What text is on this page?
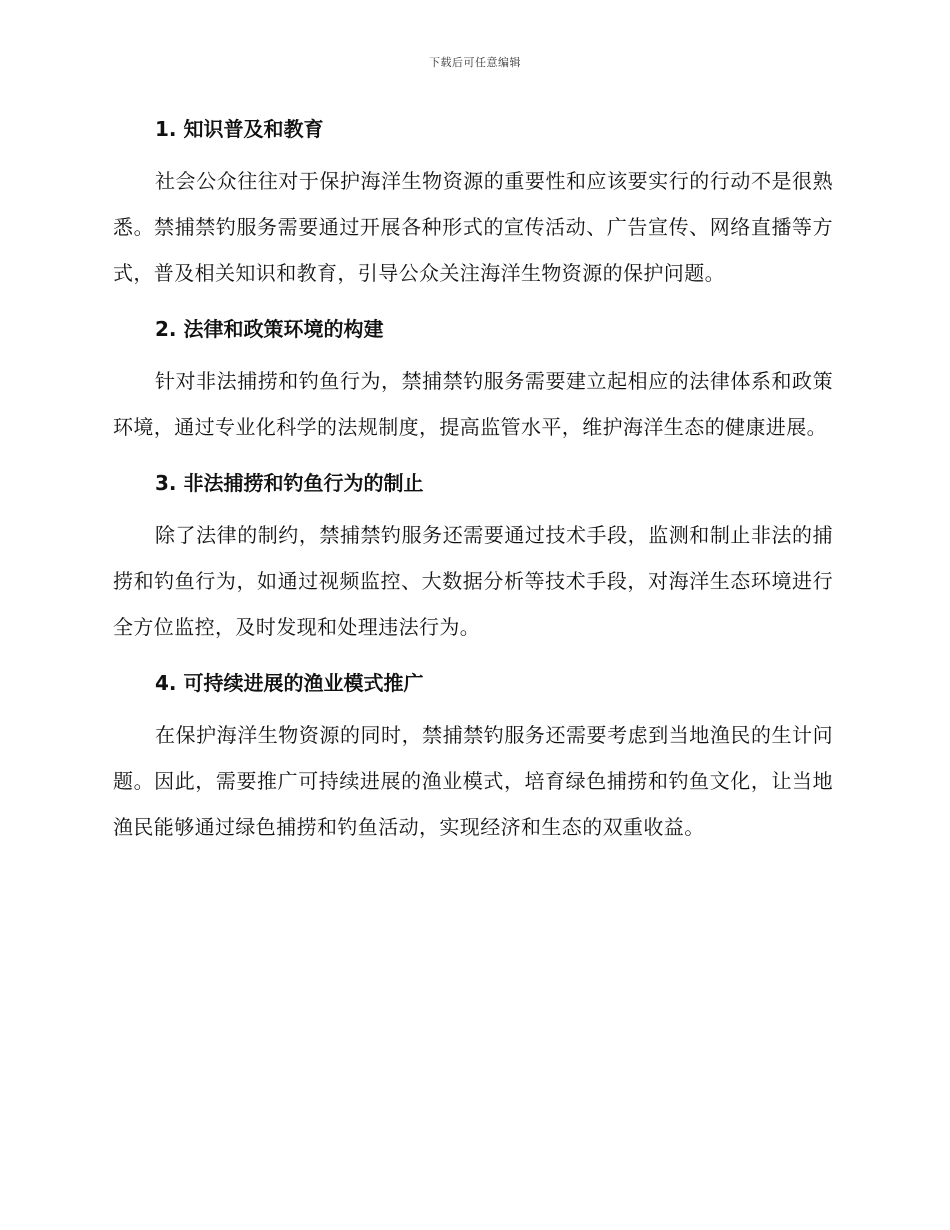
下载后可任意编辑
1. 知识普及和教育

社会公众往往对于保护海洋生物资源的重要性和应该要实行的行动不是很熟悉。禁捕禁钓服务需要通过开展各种形式的宣传活动、广告宣传、网络直播等方式，普及相关知识和教育，引导公众关注海洋生物资源的保护问题。

2. 法律和政策环境的构建

针对非法捕捞和钓鱼行为，禁捕禁钓服务需要建立起相应的法律体系和政策环境，通过专业化科学的法规制度，提高监管水平，维护海洋生态的健康进展。

3. 非法捕捞和钓鱼行为的制止

除了法律的制约，禁捕禁钓服务还需要通过技术手段，监测和制止非法的捕捞和钓鱼行为，如通过视频监控、大数据分析等技术手段，对海洋生态环境进行全方位监控，及时发现和处理违法行为。

4. 可持续进展的渔业模式推广

在保护海洋生物资源的同时，禁捕禁钓服务还需要考虑到当地渔民的生计问题。因此，需要推广可持续进展的渔业模式，培育绿色捕捞和钓鱼文化，让当地渔民能够通过绿色捕捞和钓鱼活动，实现经济和生态的双重收益。
